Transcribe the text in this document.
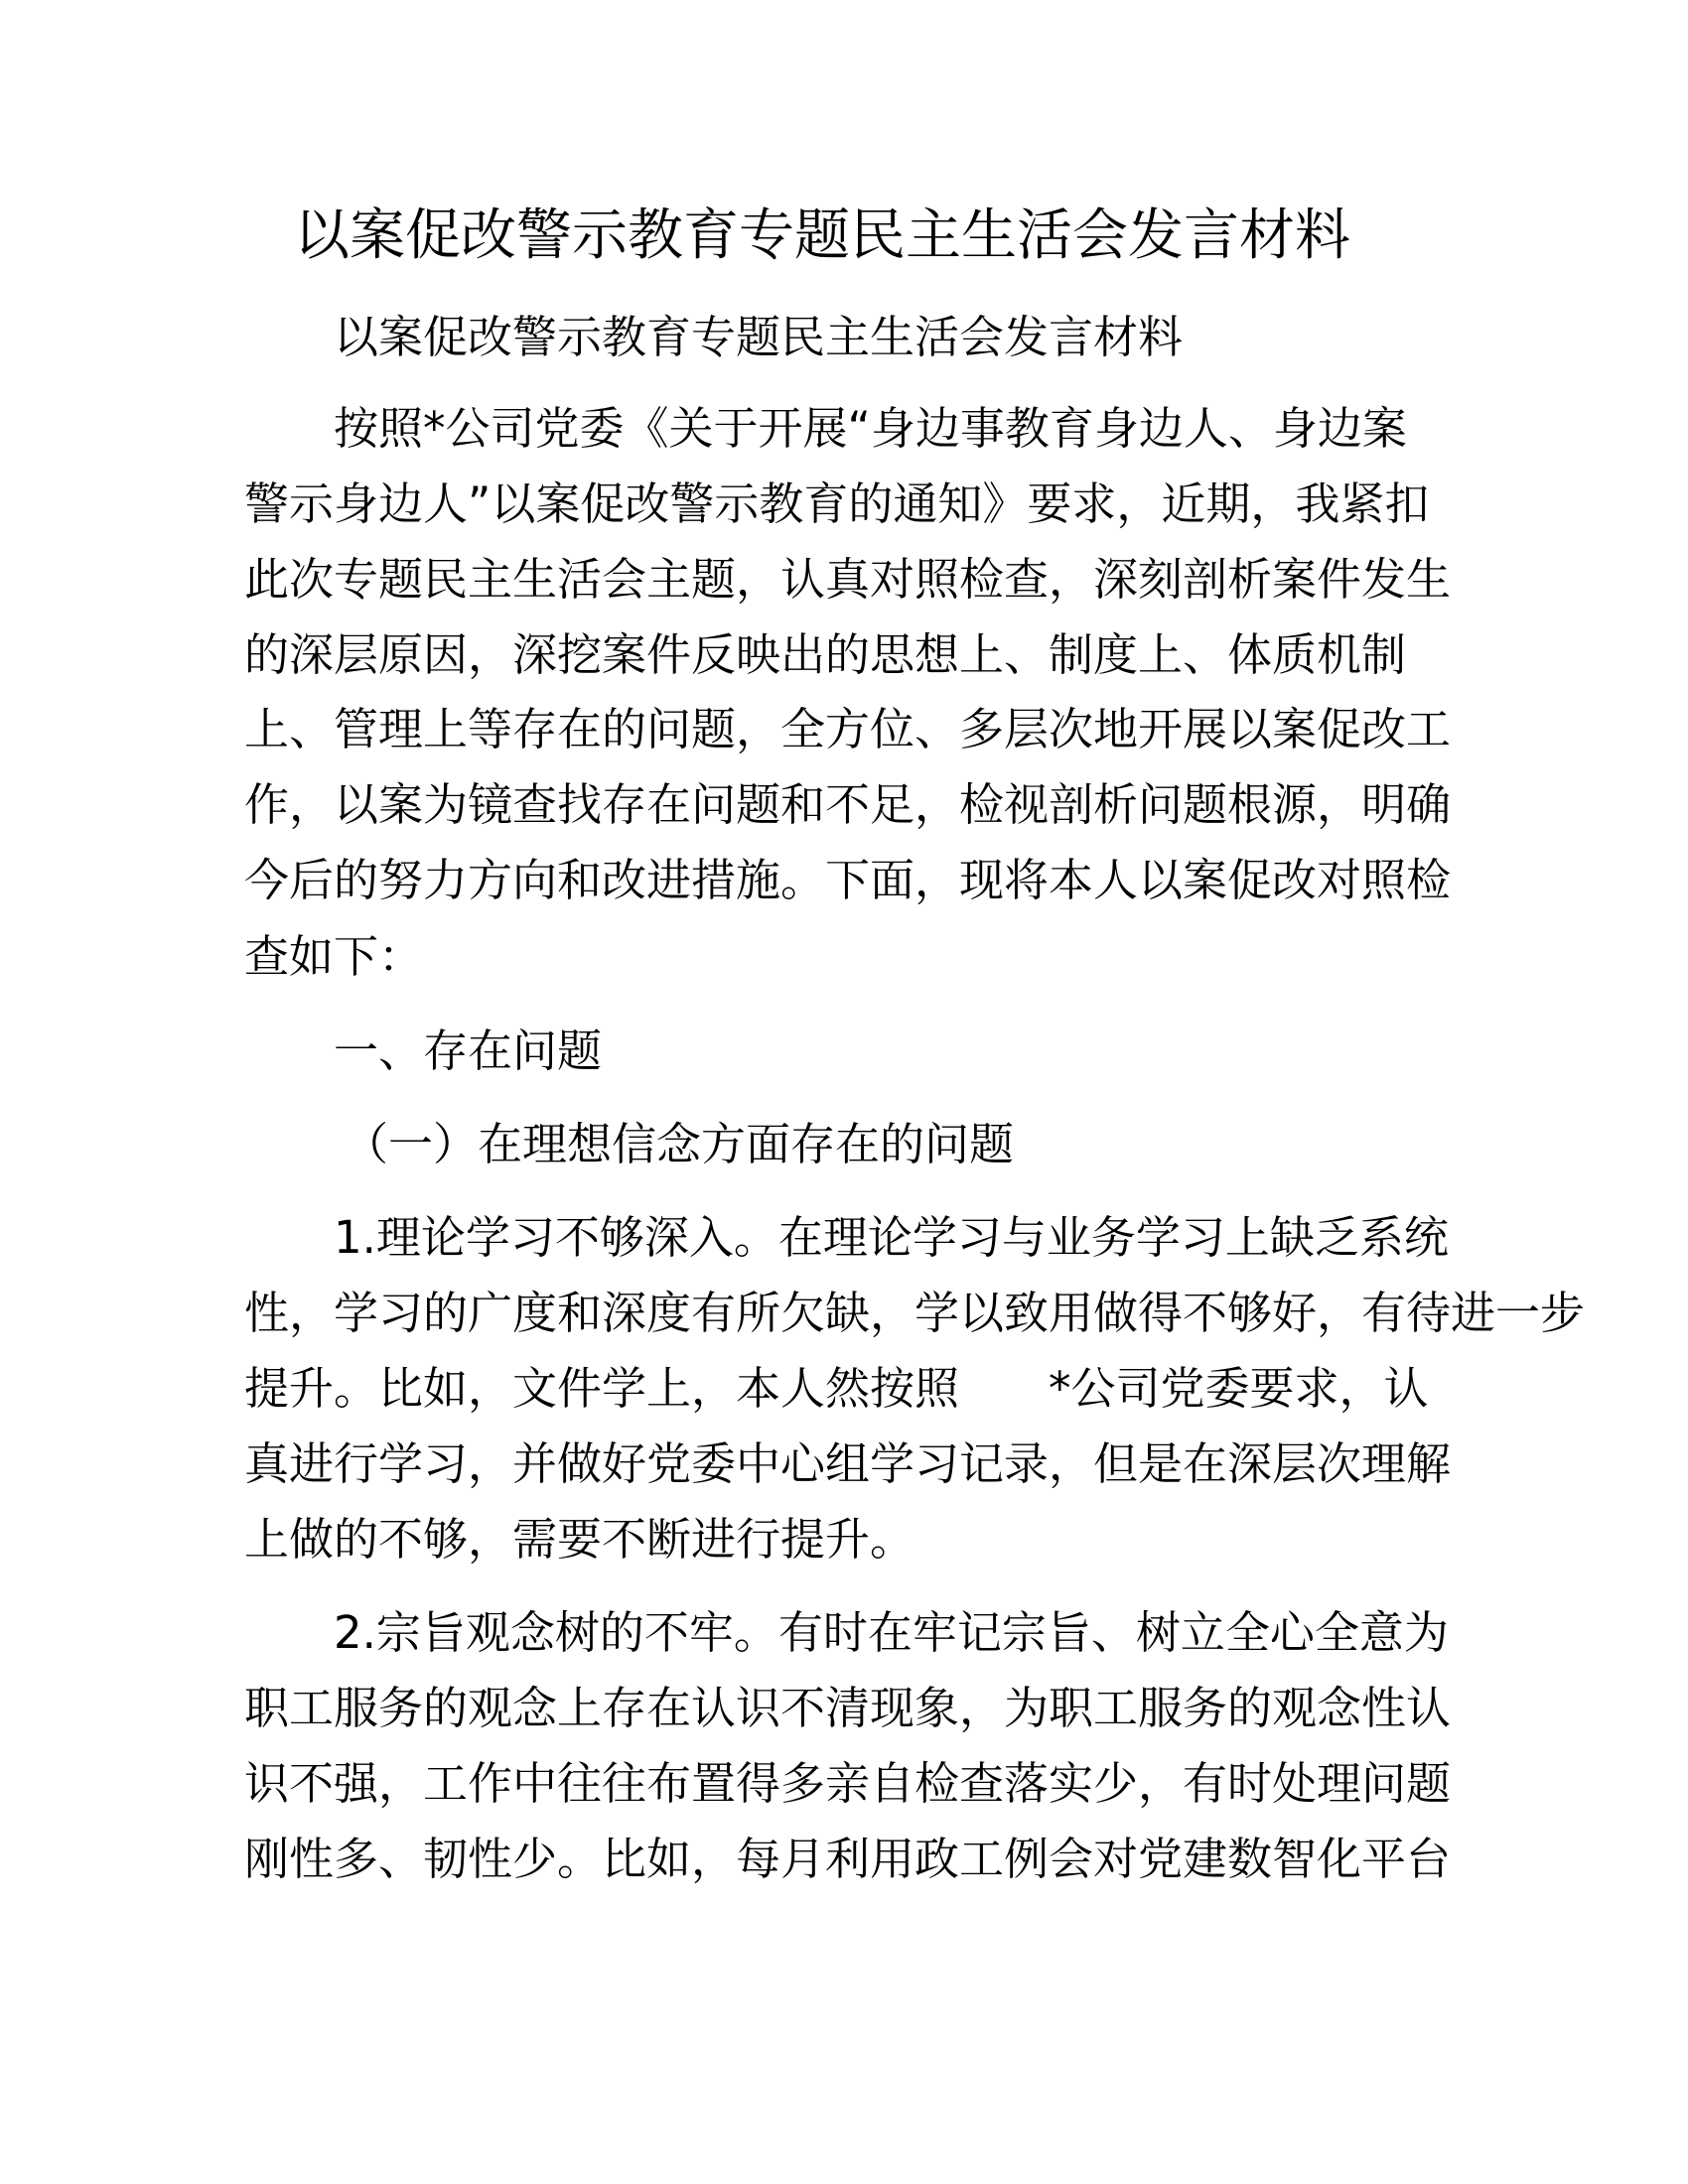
以案促改警示教育专题民主生活会发言材料
以案促改警示教育专题民主生活会发言材料
按照*公司党委《关于开展“身边事教育身边人、身边案
警示身边人”以案促改警示教育的通知》要求，近期，我紧扣
此次专题民主生活会主题，认真对照检查，深刻剖析案件发生
的深层原因，深挖案件反映出的思想上、制度上、体质机制
上、管理上等存在的问题，全方位、多层次地开展以案促改工
作，以案为镜查找存在问题和不足，检视剖析问题根源，明确
今后的努力方向和改进措施。下面，现将本人以案促改对照检
查如下：
一、存在问题
（一）在理想信念方面存在的问题
1.理论学习不够深入。在理论学习与业务学习上缺乏系统
性，学习的广度和深度有所欠缺，学以致用做得不够好，有待进一步
提升。比如，文件学上，本人然按照 *公司党委要求，认
真进行学习，并做好党委中心组学习记录，但是在深层次理解
上做的不够，需要不断进行提升。
2.宗旨观念树的不牢。有时在牢记宗旨、树立全心全意为
职工服务的观念上存在认识不清现象，为职工服务的观念性认
识不强，工作中往往布置得多亲自检查落实少，有时处理问题
刚性多、韧性少。比如，每月利用政工例会对党建数智化平台
